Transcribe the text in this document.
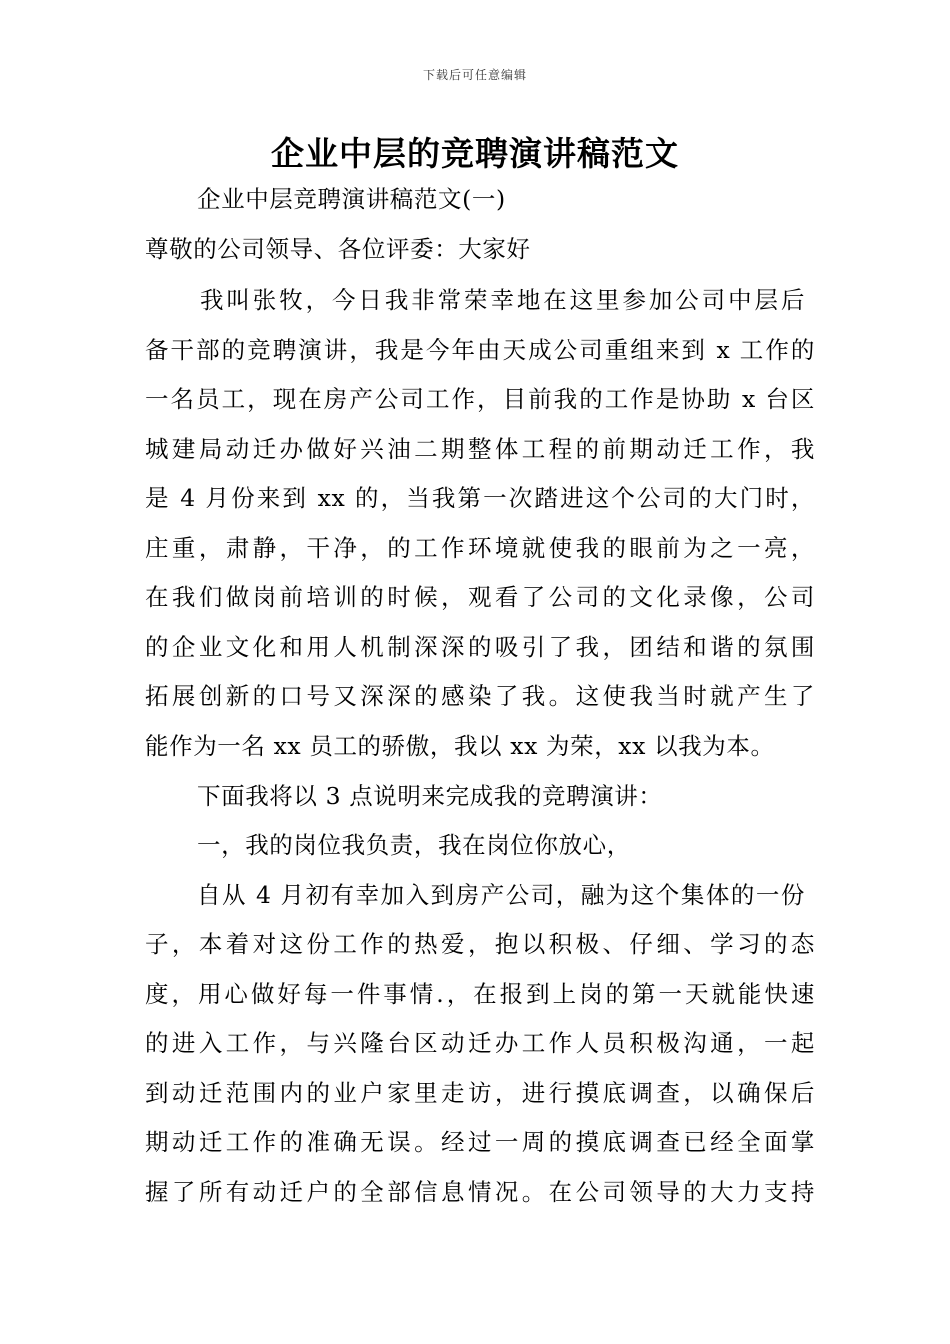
下载后可任意编辑
企业中层的竞聘演讲稿范文
企业中层竞聘演讲稿范文(一)
尊敬的公司领导、各位评委：大家好
我叫张牧，今日我非常荣幸地在这里参加公司中层后
备干部的竞聘演讲，我是今年由天成公司重组来到 x 工作的
一名员工，现在房产公司工作，目前我的工作是协助 x 台区
城建局动迁办做好兴油二期整体工程的前期动迁工作，我
是 4 月份来到 xx 的，当我第一次踏进这个公司的大门时，
庄重，肃静，干净，的工作环境就使我的眼前为之一亮，
在我们做岗前培训的时候，观看了公司的文化录像，公司
的企业文化和用人机制深深的吸引了我，团结和谐的氛围
拓展创新的口号又深深的感染了我。这使我当时就产生了
能作为一名 xx 员工的骄傲，我以 xx 为荣，xx 以我为本。
下面我将以 3 点说明来完成我的竞聘演讲：
一，我的岗位我负责，我在岗位你放心，
自从 4 月初有幸加入到房产公司，融为这个集体的一份
子，本着对这份工作的热爱，抱以积极、仔细、学习的态
度，用心做好每一件事情.，在报到上岗的第一天就能快速
的进入工作，与兴隆台区动迁办工作人员积极沟通，一起
到动迁范围内的业户家里走访，进行摸底调查，以确保后
期动迁工作的准确无误。经过一周的摸底调查已经全面掌
握了所有动迁户的全部信息情况。在公司领导的大力支持
